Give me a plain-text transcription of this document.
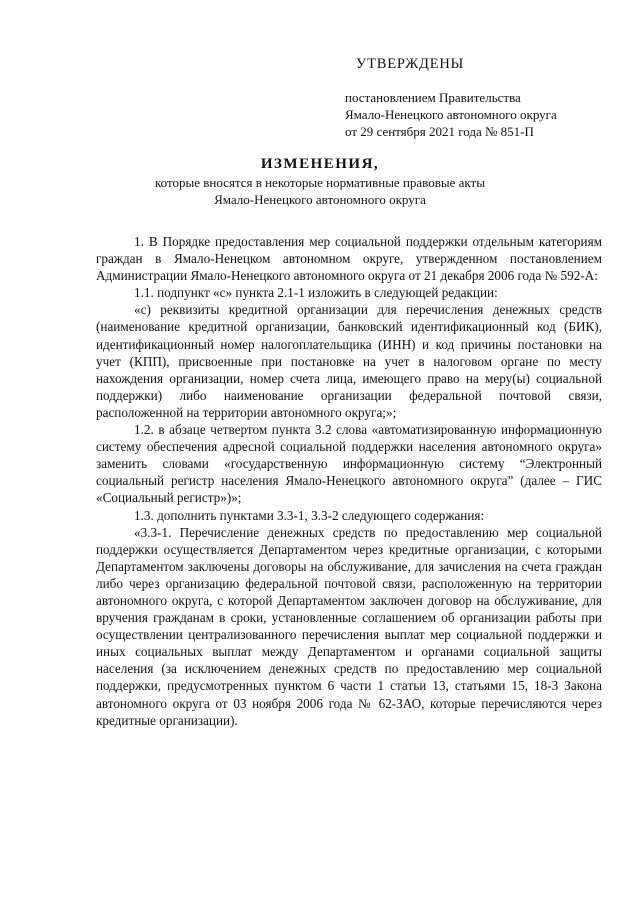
УТВЕРЖДЕНЫ
постановлением Правительства
Ямало-Ненецкого автономного округа
от 29 сентября 2021 года № 851-П
ИЗМЕНЕНИЯ,
которые вносятся в некоторые нормативные правовые акты
Ямало-Ненецкого автономного округа

1. В Порядке предоставления мер социальной поддержки отдельным категориям граждан в Ямало-Ненецком автономном округе, утвержденном постановлением Администрации Ямало-Ненецкого автономного округа от 21 декабря 2006 года № 592-А:

1.1. подпункт «с» пункта 2.1-1 изложить в следующей редакции:

«с) реквизиты кредитной организации для перечисления денежных средств (наименование кредитной организации, банковский идентификационный код (БИК), идентификационный номер налогоплательщика (ИНН) и код причины постановки на учет (КПП), присвоенные при постановке на учет в налоговом органе по месту нахождения организации, номер счета лица, имеющего право на меру(ы) социальной поддержки) либо наименование организации федеральной почтовой связи, расположенной на территории автономного округа;»;

1.2. в абзаце четвертом пункта 3.2 слова «автоматизированную информационную систему обеспечения адресной социальной поддержки населения автономного округа» заменить словами «государственную информационную систему “Электронный социальный регистр населения Ямало-Ненецкого автономного округа” (далее – ГИС «Социальный регистр»)»;

1.3. дополнить пунктами 3.3-1, 3.3-2 следующего содержания:

«3.3-1. Перечисление денежных средств по предоставлению мер социальной поддержки осуществляется Департаментом через кредитные организации, с которыми Департаментом заключены договоры на обслуживание, для зачисления на счета граждан либо через организацию федеральной почтовой связи, расположенную на территории автономного округа, с которой Департаментом заключен договор на обслуживание, для вручения гражданам в сроки, установленные соглашением об организации работы при осуществлении централизованного перечисления выплат мер социальной поддержки и иных социальных выплат между Департаментом и органами социальной защиты населения (за исключением денежных средств по предоставлению мер социальной поддержки, предусмотренных пунктом 6 части 1 статьи 13, статьями 15, 18-3 Закона автономного округа от 03 ноября 2006 года № 62-ЗАО, которые перечисляются через кредитные организации).
